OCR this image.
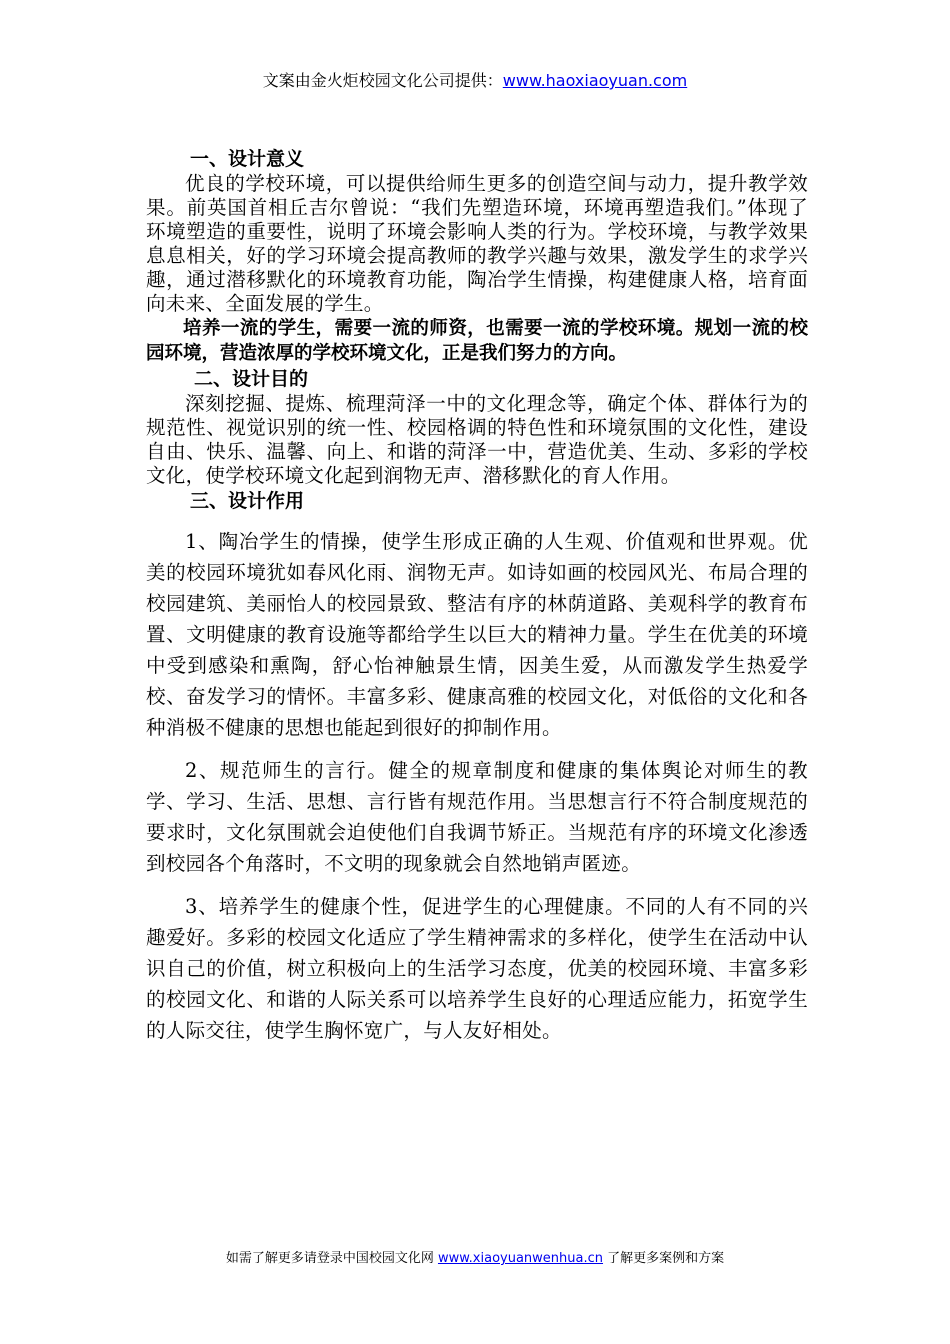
文案由金火炬校园文化公司提供：www.haoxiaoyuan.com

一、设计意义

优良的学校环境，可以提供给师生更多的创造空间与动力，提升教学效果。前英国首相丘吉尔曾说：“我们先塑造环境，环境再塑造我们。”体现了环境塑造的重要性，说明了环境会影响人类的行为。学校环境，与教学效果息息相关，好的学习环境会提高教师的教学兴趣与效果，激发学生的求学兴趣，通过潜移默化的环境教育功能，陶冶学生情操，构建健康人格，培育面向未来、全面发展的学生。

培养一流的学生，需要一流的师资，也需要一流的学校环境。规划一流的校园环境，营造浓厚的学校环境文化，正是我们努力的方向。

二、设计目的

深刻挖掘、提炼、梳理菏泽一中的文化理念等，确定个体、群体行为的规范性、视觉识别的统一性、校园格调的特色性和环境氛围的文化性，建设自由、快乐、温馨、向上、和谐的菏泽一中，营造优美、生动、多彩的学校文化，使学校环境文化起到润物无声、潜移默化的育人作用。

三、设计作用

1、陶冶学生的情操，使学生形成正确的人生观、价值观和世界观。优美的校园环境犹如春风化雨、润物无声。如诗如画的校园风光、布局合理的校园建筑、美丽怡人的校园景致、整洁有序的林荫道路、美观科学的教育布置、文明健康的教育设施等都给学生以巨大的精神力量。学生在优美的环境中受到感染和熏陶，舒心怡神触景生情，因美生爱，从而激发学生热爱学校、奋发学习的情怀。丰富多彩、健康高雅的校园文化，对低俗的文化和各种消极不健康的思想也能起到很好的抑制作用。

2、规范师生的言行。健全的规章制度和健康的集体舆论对师生的教学、学习、生活、思想、言行皆有规范作用。当思想言行不符合制度规范的要求时，文化氛围就会迫使他们自我调节矫正。当规范有序的环境文化渗透到校园各个角落时，不文明的现象就会自然地销声匿迹。

3、培养学生的健康个性，促进学生的心理健康。不同的人有不同的兴趣爱好。多彩的校园文化适应了学生精神需求的多样化，使学生在活动中认识自己的价值，树立积极向上的生活学习态度，优美的校园环境、丰富多彩的校园文化、和谐的人际关系可以培养学生良好的心理适应能力，拓宽学生的人际交往，使学生胸怀宽广，与人友好相处。

如需了解更多请登录中国校园文化网 www.xiaoyuanwenhua.cn 了解更多案例和方案
